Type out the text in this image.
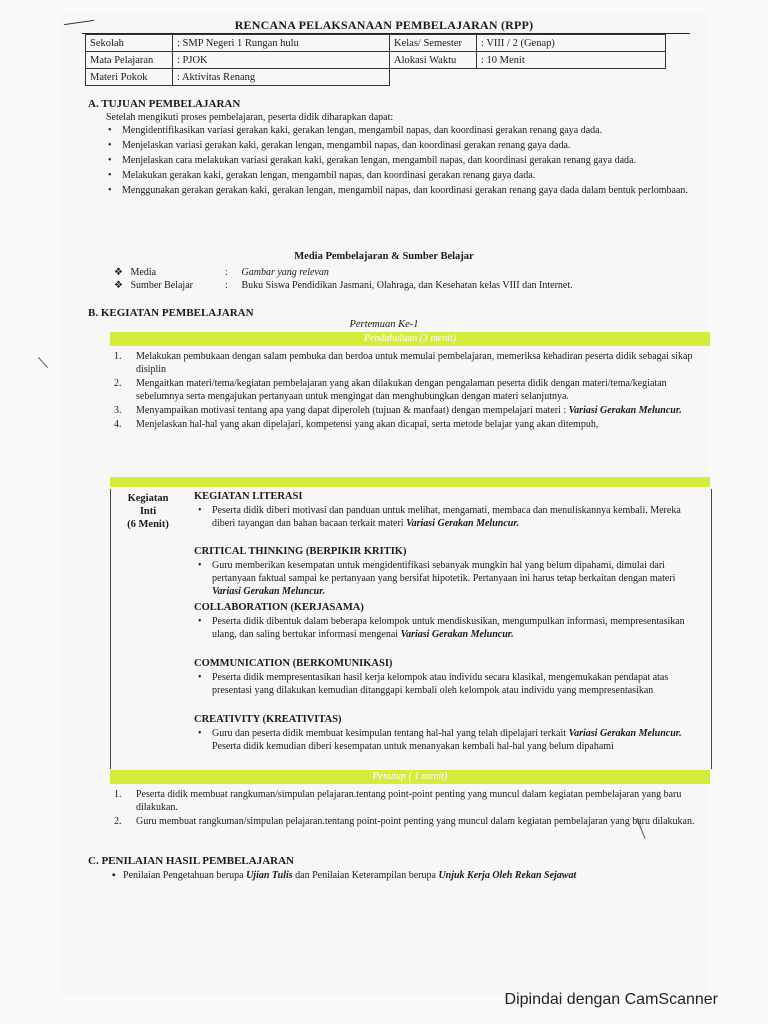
RENCANA PELAKSANAAN PEMBELAJARAN (RPP)
Sekolah	: SMP Negeri 1 Rungan hulu	Kelas/ Semester	: VIII / 2 (Genap)
Mata Pelajaran	: PJOK	Alokasi Waktu	: 10 Menit
Materi Pokok	: Aktivitas Renang		
A. TUJUAN PEMBELAJARAN
Setelah mengikuti proses pembelajaran, peserta didik diharapkan dapat:
• Mengidentifikasikan variasi gerakan kaki, gerakan lengan, mengambil napas, dan koordinasi gerakan renang gaya dada.
• Menjelaskan variasi gerakan kaki, gerakan lengan, mengambil napas, dan koordinasi gerakan renang gaya dada.
• Menjelaskan cara melakukan variasi gerakan kaki, gerakan lengan, mengambil napas, dan koordinasi gerakan renang gaya dada.
• Melakukan gerakan kaki, gerakan lengan, mengambil napas, dan koordinasi gerakan renang gaya dada.
• Menggunakan gerakan gerakan kaki, gerakan lengan, mengambil napas, dan koordinasi gerakan renang gaya dada dalam bentuk perlombaan.
Media Pembelajaran & Sumber Belajar
❖ Media	: Gambar yang relevan
❖ Sumber Belajar	: Buku Siswa Pendidikan Jasmani, Olahraga, dan Kesehatan kelas VIII dan Internet.
B. KEGIATAN PEMBELAJARAN
Pertemuan Ke-1
Pendahuluan (3 menit)
1. Melakukan pembukaan dengan salam pembuka dan berdoa untuk memulai pembelajaran, memeriksa kehadiran peserta didik sebagai sikap disiplin
2. Mengaitkan materi/tema/kegiatan pembelajaran yang akan dilakukan dengan pengalaman peserta didik dengan materi/tema/kegiatan sebelumnya serta mengajukan pertanyaan untuk mengingat dan menghubungkan dengan materi selanjutnya.
3. Menyampaikan motivasi tentang apa yang dapat diperoleh (tujuan & manfaat) dengan mempelajari materi : Variasi Gerakan Meluncur.
4. Menjelaskan hal-hal yang akan dipelajari, kompetensi yang akan dicapai, serta metode belajar yang akan ditempuh,
Kegiatan
Inti
(6 Menit)
KEGIATAN LITERASI
• Peserta didik diberi motivasi dan panduan untuk melihat, mengamati, membaca dan menuliskannya kembali. Mereka diberi tayangan dan bahan bacaan terkait materi Variasi Gerakan Meluncur.
CRITICAL THINKING (BERPIKIR KRITIK)
• Guru memberikan kesempatan untuk mengidentifikasi sebanyak mungkin hal yang belum dipahami, dimulai dari pertanyaan faktual sampai ke pertanyaan yang bersifat hipotetik. Pertanyaan ini harus tetap berkaitan dengan materi Variasi Gerakan Meluncur.
COLLABORATION (KERJASAMA)
• Peserta didik dibentuk dalam beberapa kelompok untuk mendiskusikan, mengumpulkan informasi, mempresentasikan ulang, dan saling bertukar informasi mengenai Variasi Gerakan Meluncur.
COMMUNICATION (BERKOMUNIKASI)
• Peserta didik mempresentasikan hasil kerja kelompok atau individu secara klasikal, mengemukakan pendapat atas presentasi yang dilakukan kemudian ditanggapi kembali oleh kelompok atau individu yang mempresentasikan
CREATIVITY (KREATIVITAS)
• Guru dan peserta didik membuat kesimpulan tentang hal-hal yang telah dipelajari terkait Variasi Gerakan Meluncur. Peserta didik kemudian diberi kesempatan untuk menanyakan kembali hal-hal yang belum dipahami
Penutup ( 1 menit)
1. Peserta didik membuat rangkuman/simpulan pelajaran.tentang point-point penting yang muncul dalam kegiatan pembelajaran yang baru dilakukan.
2. Guru membuat rangkuman/simpulan pelajaran.tentang point-point penting yang muncul dalam kegiatan pembelajaran yang baru dilakukan.
C. PENILAIAN HASIL PEMBELAJARAN
▪   Penilaian Pengetahuan berupa Ujian Tulis dan Penilaian Keterampilan berupa Unjuk Kerja Oleh Rekan Sejawat
Dipindai dengan CamScanner
